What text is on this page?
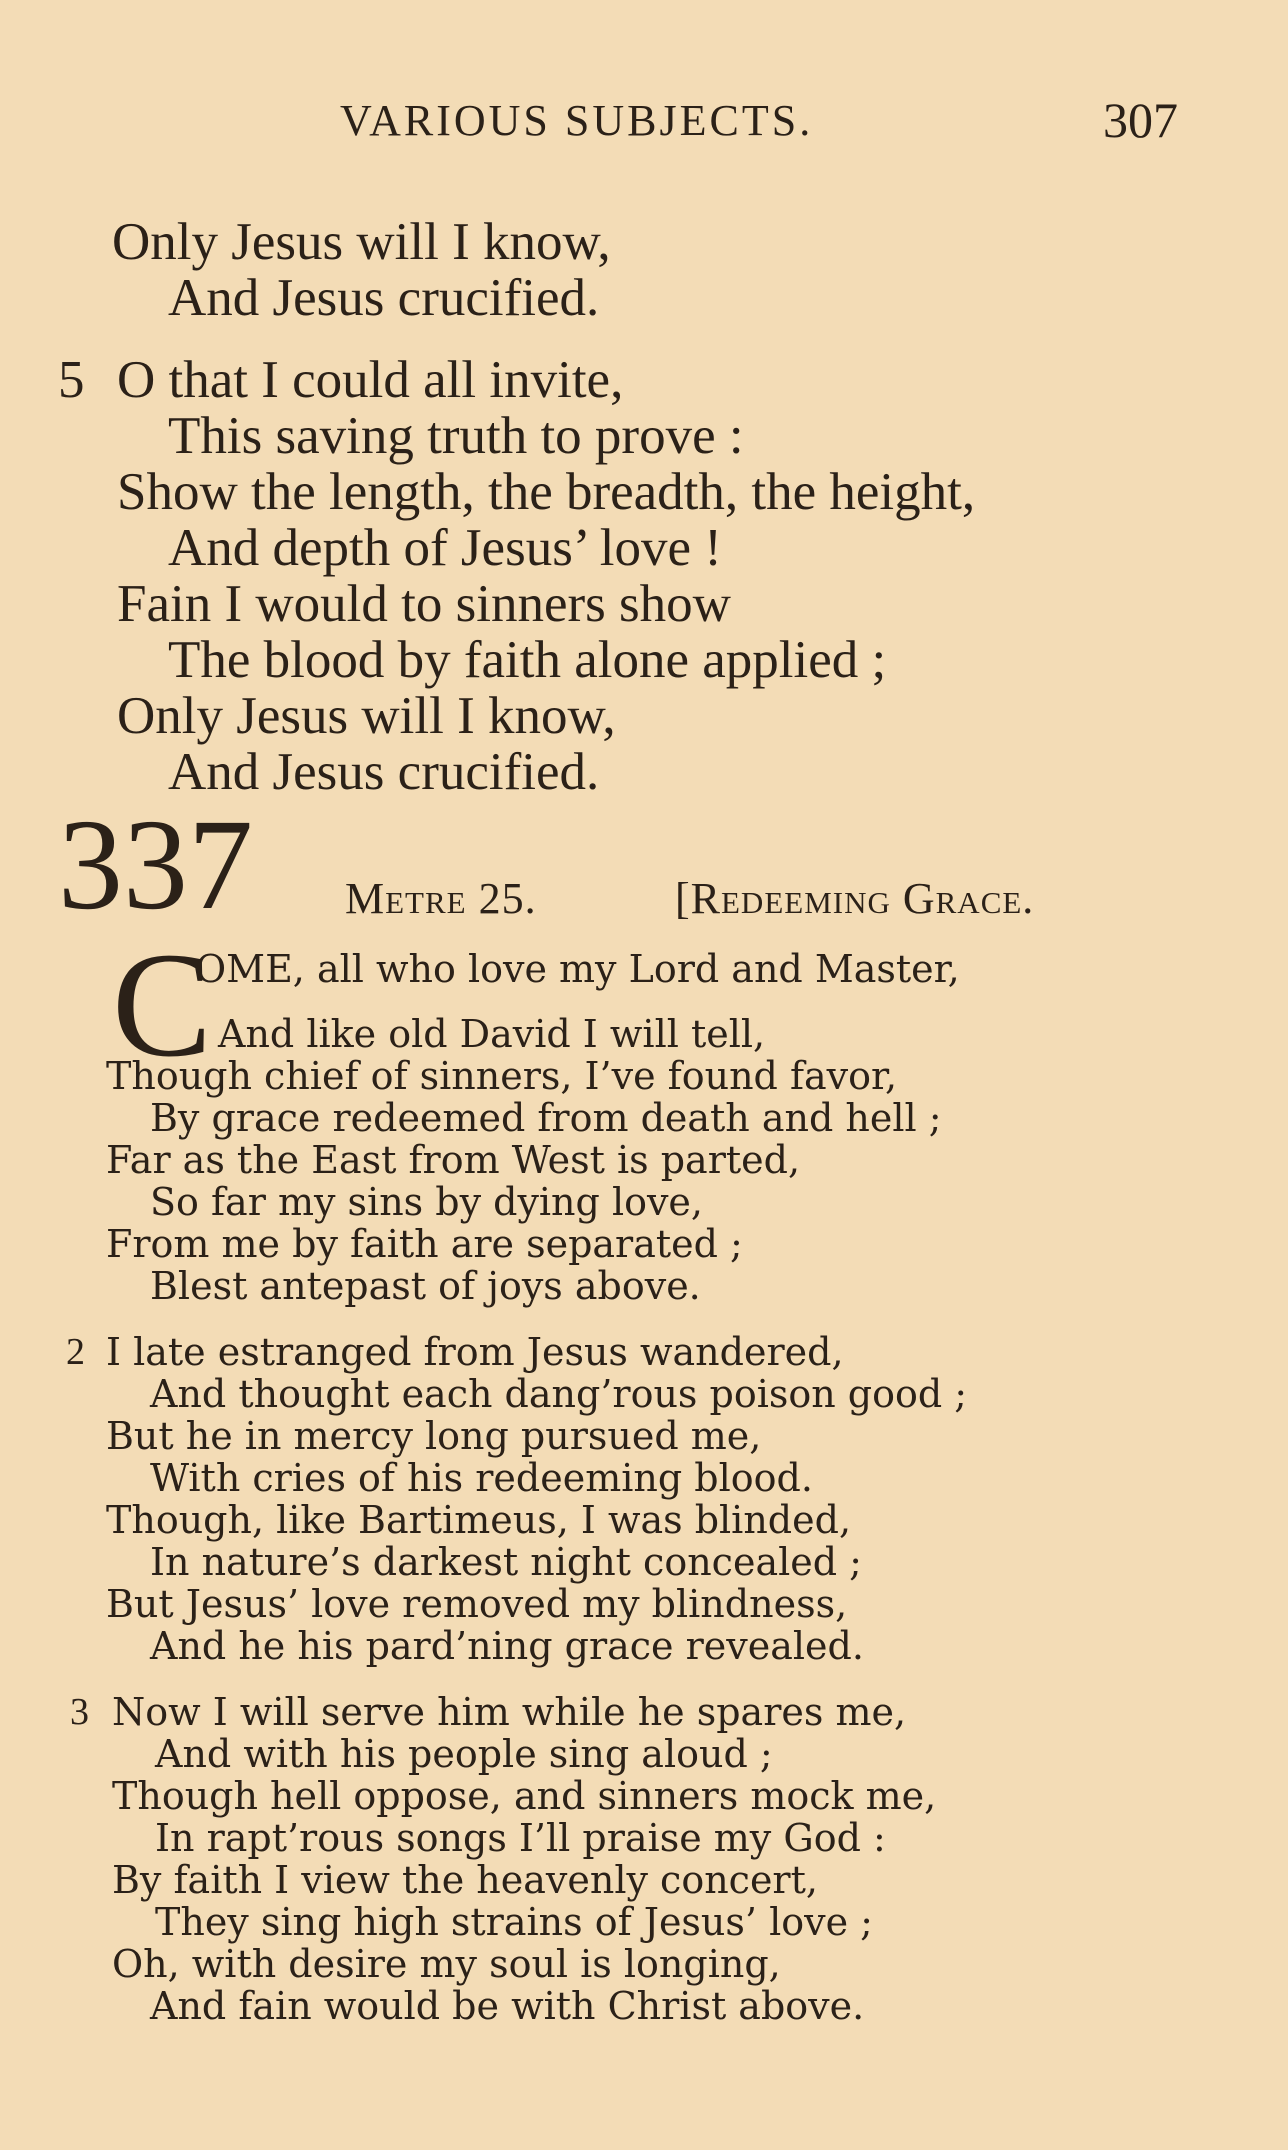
VARIOUS SUBJECTS.	307
Only Jesus will I know,
And Jesus crucified.
5 O that I could all invite,
This saving truth to prove :
Show the length, the breadth, the height,
And depth of Jesus’ love !
Fain I would to sinners show
The blood by faith alone applied ;
Only Jesus will I know,
And Jesus crucified.
337 Metre 25.	[Redeeming Grace.
C
OME, all who love my Lord and Master,
And like old David I will tell,
Though chief of sinners, I’ve found favor,
By grace redeemed from death and hell ;
Far as the East from West is parted,
So far my sins by dying love,
From me by faith are separated ;
Blest antepast of joys above.
2 I late estranged from Jesus wandered,
And thought each dang’rous poison good ;
But he in mercy long pursued me,
With cries of his redeeming blood.
Though, like Bartimeus, I was blinded,
In nature’s darkest night concealed ;
But Jesus’ love removed my blindness,
And he his pard’ning grace revealed.
3 Now I will serve him while he spares me,
And with his people sing aloud ;
Though hell oppose, and sinners mock me,
In rapt’rous songs I’ll praise my God :
By faith I view the heavenly concert,
They sing high strains of Jesus’ love ;
Oh, with desire my soul is longing,
And fain would be with Christ above.
